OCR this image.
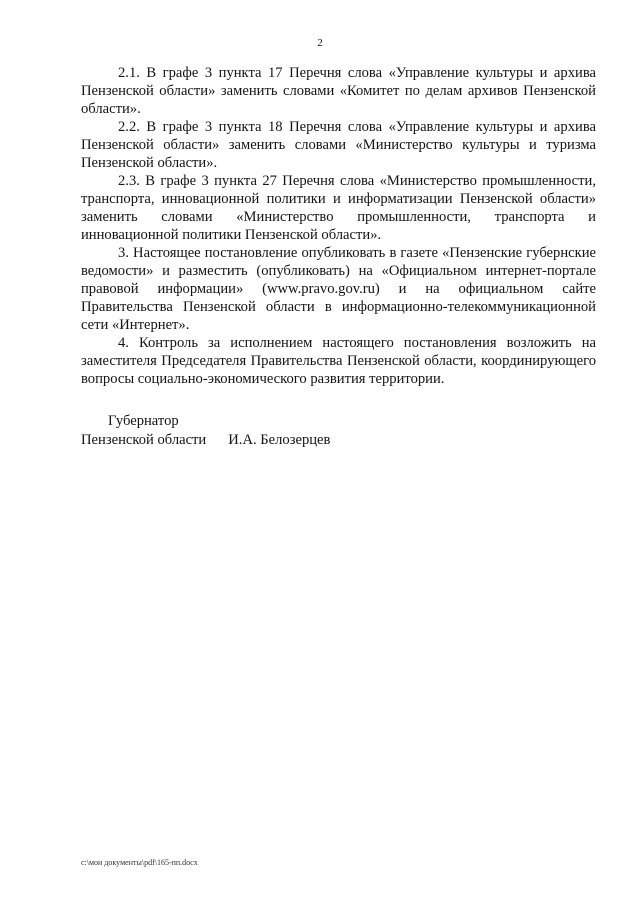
2

2.1. В графе 3 пункта 17 Перечня слова «Управление культуры и архива Пензенской области» заменить словами «Комитет по делам архивов Пензенской области».

2.2. В графе 3 пункта 18 Перечня слова «Управление культуры и архива Пензенской области» заменить словами «Министерство культуры и туризма Пензенской области».

2.3. В графе 3 пункта 27 Перечня слова «Министерство промышленности, транспорта, инновационной политики и информатизации Пензенской области» заменить словами «Министерство промышленности, транспорта и инновационной политики Пензенской области».

3. Настоящее постановление опубликовать в газете «Пензенские губернские ведомости» и разместить (опубликовать) на «Официальном интернет-портале правовой информации» (www.pravo.gov.ru) и на официальном сайте Правительства Пензенской области в информационно-телекоммуникационной сети «Интернет».

4. Контроль за исполнением настоящего постановления возложить на заместителя Председателя Правительства Пензенской области, координирующего вопросы социально-экономического развития территории.

Губернатор
Пензенской области И.А. Белозерцев
c:\мои документы\pdf\165-пп.docx
